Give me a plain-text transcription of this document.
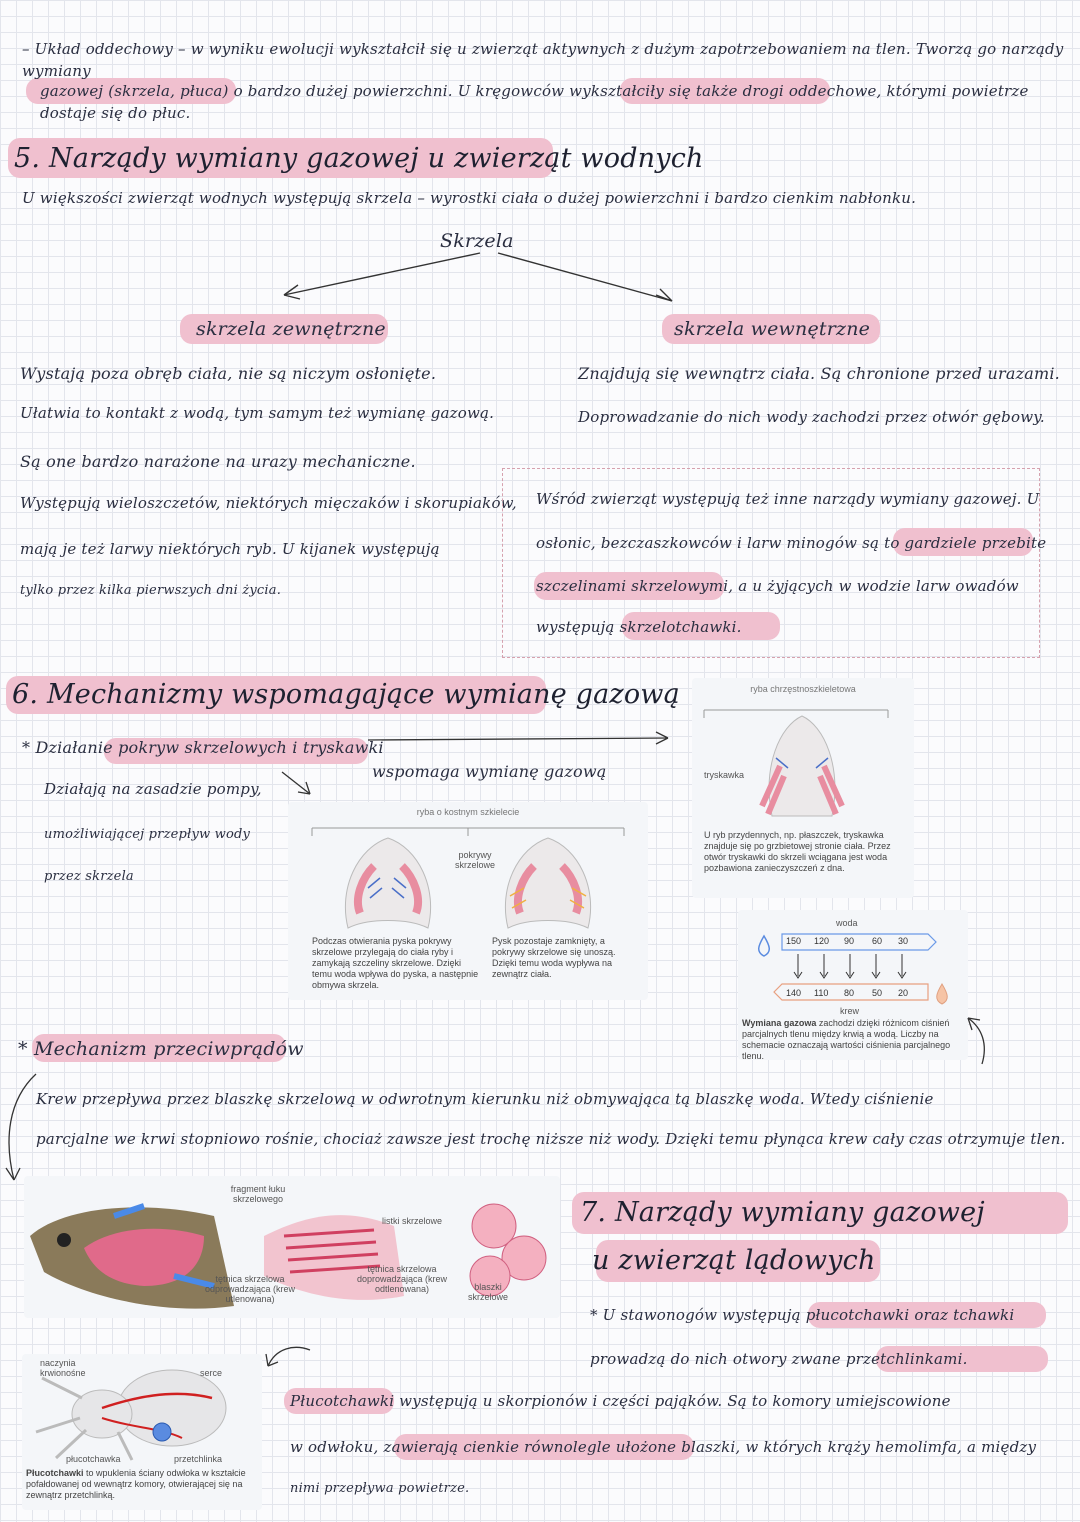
– Układ oddechowy – w wyniku ewolucji wykształcił się u zwierząt aktywnych z dużym zapotrzebowaniem na tlen. Tworzą go narządy wymiany
gazowej (skrzela, płuca) o bardzo dużej powierzchni. U kręgowców wykształciły się także drogi oddechowe, którymi powietrze dostaje się do płuc.
5. Narządy wymiany gazowej u zwierząt wodnych
U większości zwierząt wodnych występują skrzela – wyrostki ciała o dużej powierzchni i bardzo cienkim nabłonku.
Skrzela
skrzela zewnętrzne
Wystają poza obręb ciała, nie są niczym osłonięte.
Ułatwia to kontakt z wodą, tym samym też wymianę gazową.
Są one bardzo narażone na urazy mechaniczne.
Występują wieloszczetów, niektórych mięczaków i skorupiaków,
mają je też larwy niektórych ryb. U kijanek występują
tylko przez kilka pierwszych dni życia.
skrzela wewnętrzne
Znajdują się wewnątrz ciała. Są chronione przed urazami.
Doprowadzanie do nich wody zachodzi przez otwór gębowy.
Wśród zwierząt występują też inne narządy wymiany gazowej. U
osłonic, bezczaszkowców i larw minogów są to gardziele przebite
szczelinami skrzelowymi, a u żyjących w wodzie larw owadów
występują skrzelotchawki.
6. Mechanizmy wspomagające wymianę gazową
* Działanie pokryw skrzelowych i tryskawki
wspomaga wymianę gazową
Działają na zasadzie pompy,
umożliwiającej przepływ wody
przez skrzela
ryba o kostnym szkielecie
pokrywy skrzelowe
Podczas otwierania pyska pokrywy skrzelowe przylegają do ciała ryby i zamykają szczeliny skrzelowe. Dzięki temu woda wpływa do pyska, a następnie obmywa skrzela.
Pysk pozostaje zamknięty, a pokrywy skrzelowe się unoszą. Dzięki temu woda wypływa na zewnątrz ciała.
ryba chrzęstnoszkieletowa
tryskawka
U ryb przydennych, np. płaszczek, tryskawka znajduje się po grzbietowej stronie ciała. Przez otwór tryskawki do skrzeli wciągana jest woda pozbawiona zanieczyszczeń z dna.
woda
150 120 90 60 30
140 110 80 50 20
krew
Wymiana gazowa zachodzi dzięki różnicom ciśnień parcjalnych tlenu między krwią a wodą. Liczby na schemacie oznaczają wartości ciśnienia parcjalnego tlenu.
* Mechanizm przeciwprądów
Krew przepływa przez blaszkę skrzelową w odwrotnym kierunku niż obmywająca tą blaszkę woda. Wtedy ciśnienie
parcjalne we krwi stopniowo rośnie, chociaż zawsze jest trochę niższe niż wody. Dzięki temu płynąca krew cały czas otrzymuje tlen.
fragment łuku skrzelowego
listki skrzelowe
tętnica skrzelowa odprowadzająca (krew utlenowana)
tętnica skrzelowa doprowadzająca (krew odtlenowana)	blaszki skrzelowe
7. Narządy wymiany gazowej
u zwierząt lądowych
* U stawonogów występują płucotchawki oraz tchawki
prowadzą do nich otwory zwane przetchlinkami.
Płucotchawki występują u skorpionów i części pająków. Są to komory umiejscowione
w odwłoku, zawierają cienkie równolegle ułożone blaszki, w których krąży hemolimfa, a między
nimi przepływa powietrze.
naczynia krwionośne	serce
płucotchawka	przetchlinka
Płucotchawki to wpuklenia ściany odwłoka w kształcie pofałdowanej od wewnątrz komory, otwierającej się na zewnątrz przetchlinką.
